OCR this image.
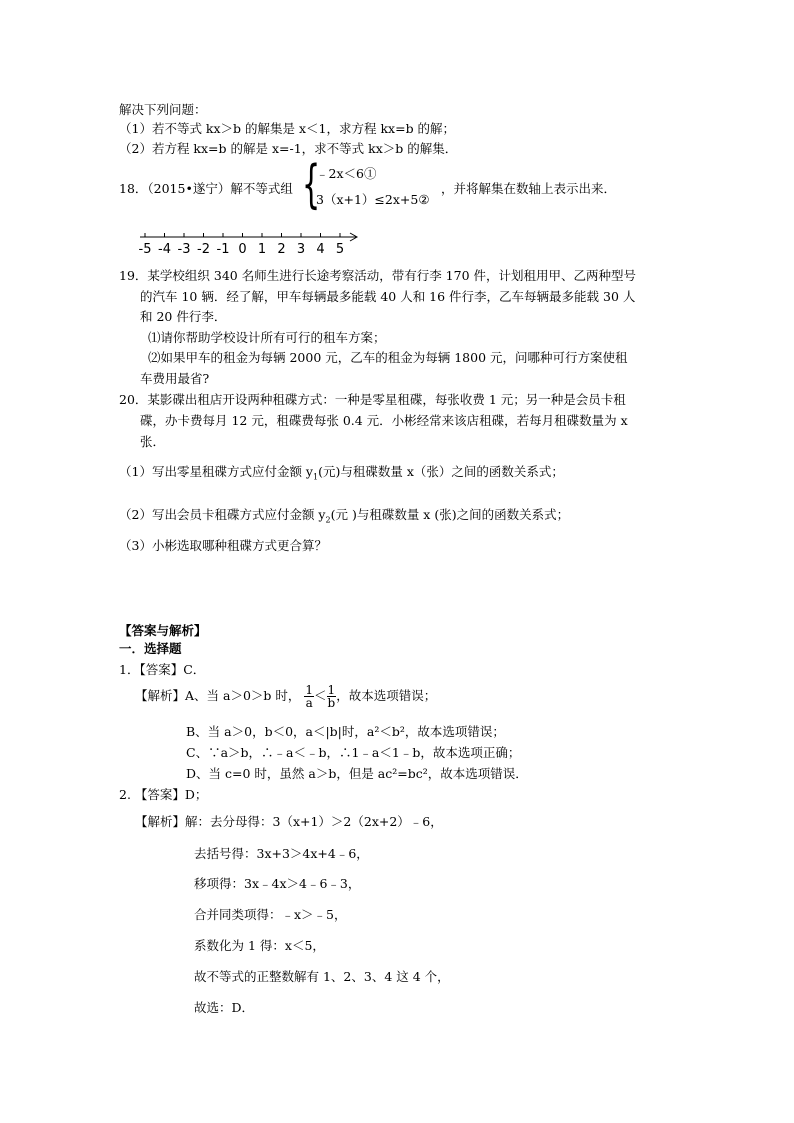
解决下列问题：
（1）若不等式 kx＞b 的解集是 x＜1，求方程 kx=b 的解；
（2）若方程 kx=b 的解是 x=-1，求不等式 kx＞b 的解集．
18．（2015•遂宁）解不等式组 {
﹣2x＜6①
3（x+1）≤2x+5②
，并将解集在数轴上表示出来．
-5 -4 -3 -2 -1 0 1 2 3 4 5
19．某学校组织 340 名师生进行长途考察活动，带有行李 170 件，计划租用甲、乙两种型号
的汽车 10 辆．经了解，甲车每辆最多能载 40 人和 16 件行李，乙车每辆最多能载 30 人
和 20 件行李．
⑴请你帮助学校设计所有可行的租车方案；
⑵如果甲车的租金为每辆 2000 元，乙车的租金为每辆 1800 元，问哪种可行方案使租
车费用最省?
20．某影碟出租店开设两种租碟方式：一种是零星租碟，每张收费 1 元；另一种是会员卡租
碟，办卡费每月 12 元，租碟费每张 0.4 元．小彬经常来该店租碟，若每月租碟数量为 x
张．
（1）写出零星租碟方式应付金额 $y_1$(元)与租碟数量 x（张）之间的函数关系式；
（2）写出会员卡租碟方式应付金额 $y_2$(元 )与租碟数量 x (张)之间的函数关系式；
（3）小彬选取哪种租碟方式更合算？
【答案与解析】
一．选择题
1．【答案】C．
【解析】A、当 a＞0＞b 时， $\frac{1}{a} < \frac{1}{b}$ ，故本选项错误；
B、当 a＞0，b＜0，a＜|b|时，a²＜b²，故本选项错误；
C、∵a＞b，∴﹣a＜﹣b，∴1﹣a＜1﹣b，故本选项正确；
D、当 c=0 时，虽然 a＞b，但是 ac²=bc²，故本选项错误．
2. 【答案】D；
【解析】解：去分母得：3（x+1）＞2（2x+2）﹣6，
去括号得：3x+3＞4x+4﹣6，
移项得：3x﹣4x＞4﹣6﹣3，
合并同类项得：﹣x＞﹣5，
系数化为 1 得：x＜5，
故不等式的正整数解有 1、2、3、4 这 4 个，
故选：D．
